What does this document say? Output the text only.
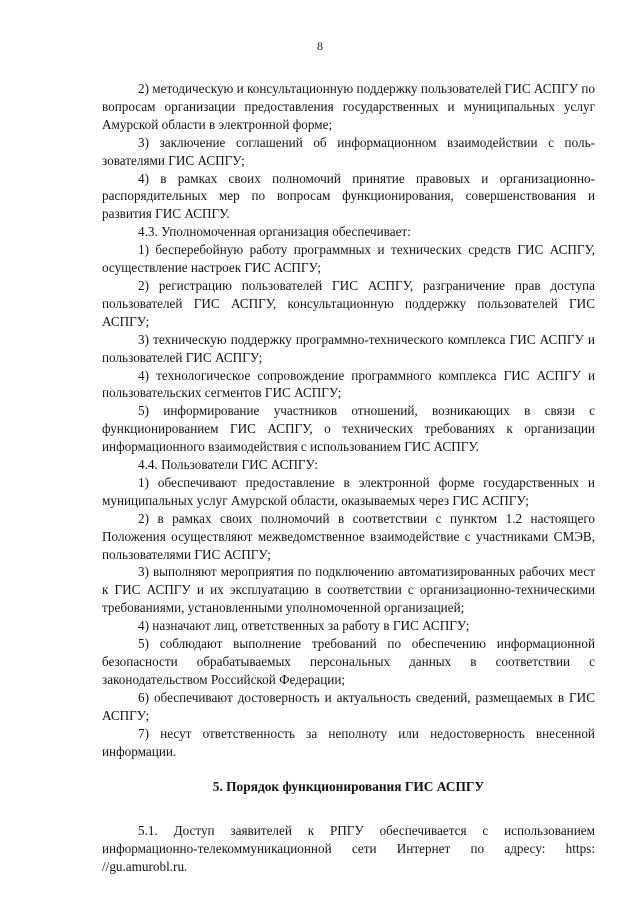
8

2) методическую и консультационную поддержку пользователей ГИС АСПГУ по вопросам организации предоставления государственных и муниципальных услуг Амурской области в электронной форме;

3) заключение соглашений об информационном взаимодействии с пользователями ГИС АСПГУ;

4) в рамках своих полномочий принятие правовых и организационно-распорядительных мер по вопросам функционирования, совершенствования и развития ГИС АСПГУ.

4.3. Уполномоченная организация обеспечивает:

1) бесперебойную работу программных и технических средств ГИС АСПГУ, осуществление настроек ГИС АСПГУ;

2) регистрацию пользователей ГИС АСПГУ, разграничение прав доступа пользователей ГИС АСПГУ, консультационную поддержку пользователей ГИС АСПГУ;

3) техническую поддержку программно-технического комплекса ГИС АСПГУ и пользователей ГИС АСПГУ;

4) технологическое сопровождение программного комплекса ГИС АСПГУ и пользовательских сегментов ГИС АСПГУ;

5) информирование участников отношений, возникающих в связи с функционированием ГИС АСПГУ, о технических требованиях к организации информационного взаимодействия с использованием ГИС АСПГУ.

4.4. Пользователи ГИС АСПГУ:

1) обеспечивают предоставление в электронной форме государственных и муниципальных услуг Амурской области, оказываемых через ГИС АСПГУ;

2) в рамках своих полномочий в соответствии с пунктом 1.2 настоящего Положения осуществляют межведомственное взаимодействие с участниками СМЭВ, пользователями ГИС АСПГУ;

3) выполняют мероприятия по подключению автоматизированных рабочих мест к ГИС АСПГУ и их эксплуатацию в соответствии с организационно-техническими требованиями, установленными уполномоченной организацией;

4) назначают лиц, ответственных за работу в ГИС АСПГУ;

5) соблюдают выполнение требований по обеспечению информационной безопасности обрабатываемых персональных данных в соответствии с законодательством Российской Федерации;

6) обеспечивают достоверность и актуальность сведений, размещаемых в ГИС АСПГУ;

7) несут ответственность за неполноту или недостоверность внесенной информации.

5. Порядок функционирования ГИС АСПГУ

5.1. Доступ заявителей к РПГУ обеспечивается с использованием информационно-телекоммуникационной сети Интернет по адресу: https: //gu.amurobl.ru.
